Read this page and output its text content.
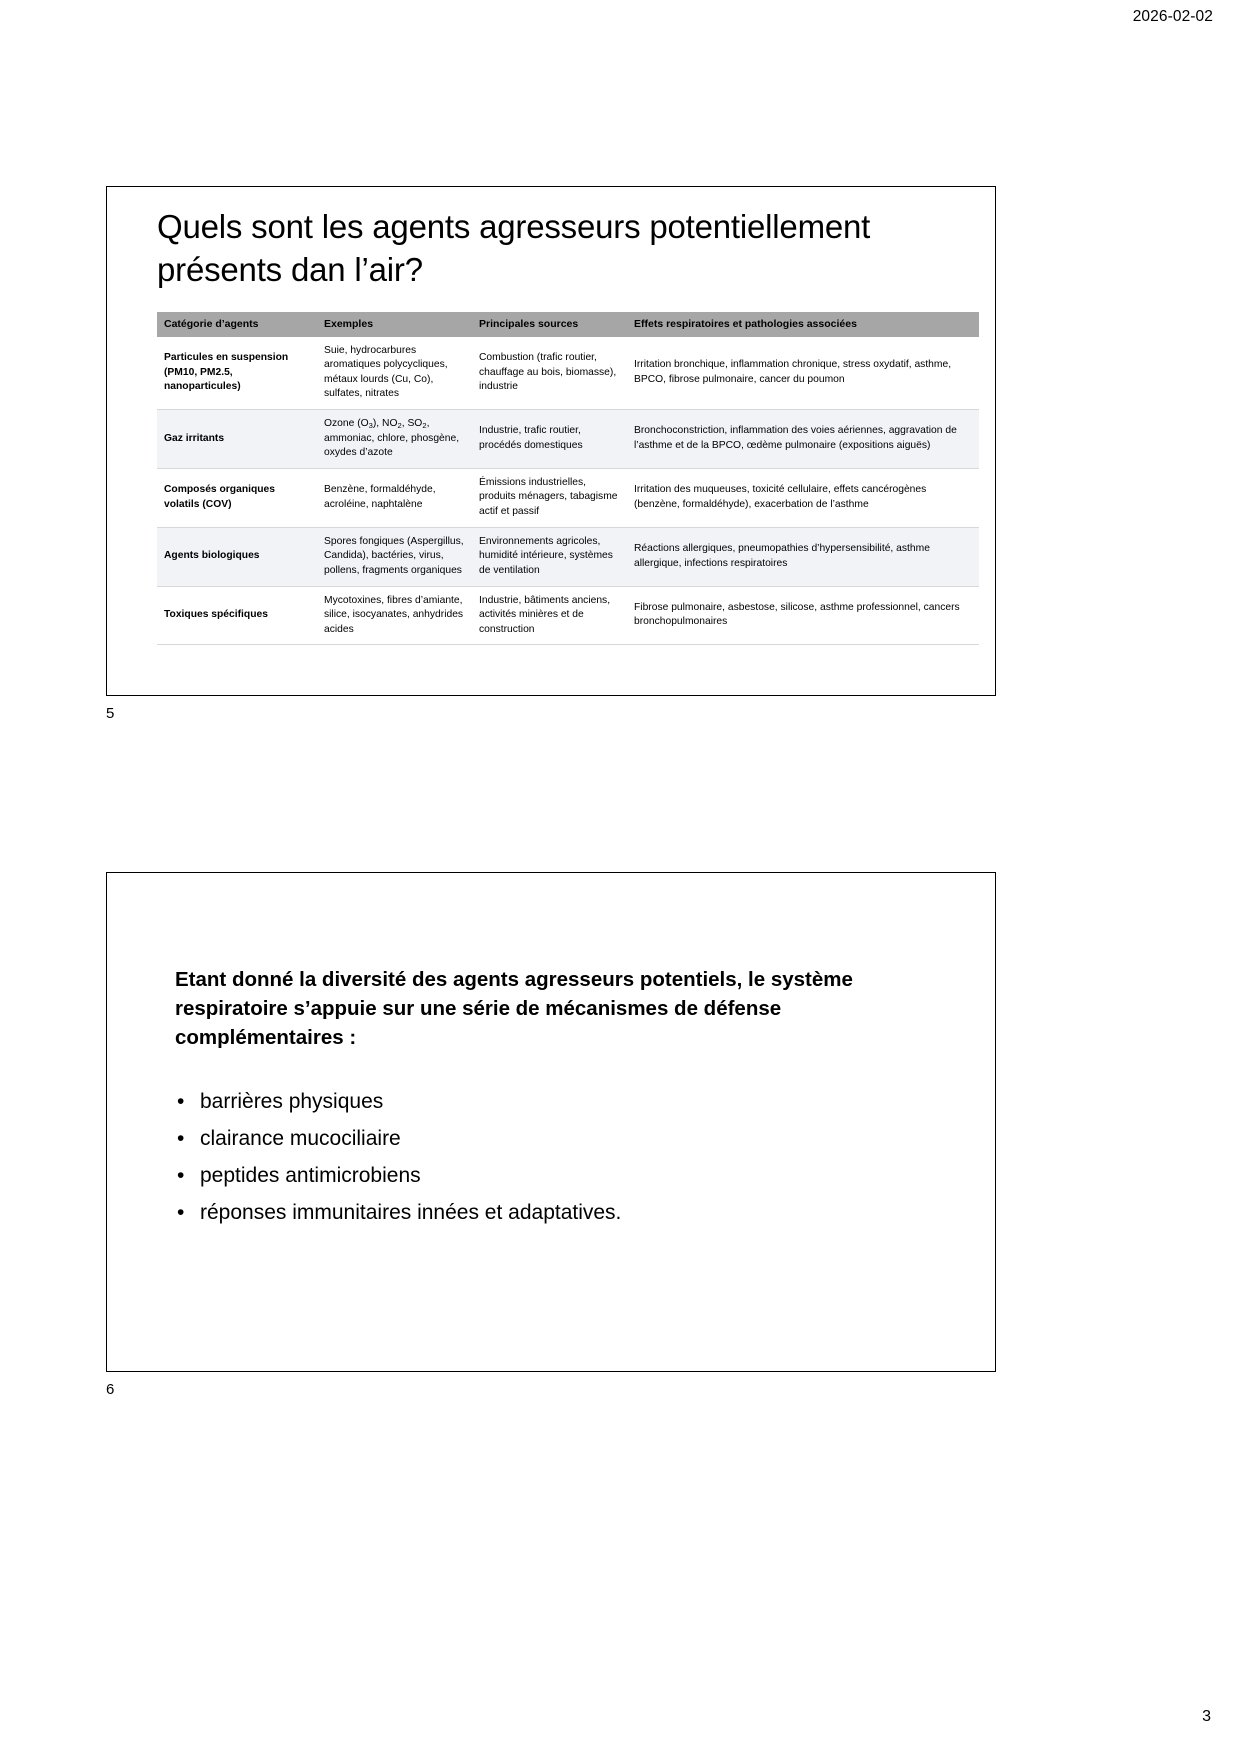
2026-02-02
Quels sont les agents agresseurs potentiellement présents dan l’air?
Catégorie d’agents	Exemples	Principales sources	Effets respiratoires et pathologies associées
Particules en suspension (PM10, PM2.5, nanoparticules)	Suie, hydrocarbures aromatiques polycycliques, métaux lourds (Cu, Co), sulfates, nitrates	Combustion (trafic routier, chauffage au bois, biomasse), industrie	Irritation bronchique, inflammation chronique, stress oxydatif, asthme, BPCO, fibrose pulmonaire, cancer du poumon
Gaz irritants	Ozone $(O_3)$, $NO_2$, $SO_2$, ammoniac, chlore, phosgène, oxydes d’azote	Industrie, trafic routier, procédés domestiques	Bronchoconstriction, inflammation des voies aériennes, aggravation de l’asthme et de la BPCO, œdème pulmonaire (expositions aiguës)
Composés organiques volatils (COV)	Benzène, formaldéhyde, acroléine, naphtalène	Émissions industrielles, produits ménagers, tabagisme actif et passif	Irritation des muqueuses, toxicité cellulaire, effets cancérogènes (benzène, formaldéhyde), exacerbation de l’asthme
Agents biologiques	Spores fongiques (Aspergillus, Candida), bactéries, virus, pollens, fragments organiques	Environnements agricoles, humidité intérieure, systèmes de ventilation	Réactions allergiques, pneumopathies d’hypersensibilité, asthme allergique, infections respiratoires
Toxiques spécifiques	Mycotoxines, fibres d’amiante, silice, isocyanates, anhydrides acides	Industrie, bâtiments anciens, activités minières et de construction	Fibrose pulmonaire, asbestose, silicose, asthme professionnel, cancers bronchopulmonaires
5
Etant donné la diversité des agents agresseurs potentiels, le système respiratoire s’appuie sur une série de mécanismes de défense complémentaires :
• barrières physiques
• clairance mucociliaire
• peptides antimicrobiens
• réponses immunitaires innées et adaptatives.
6
3
